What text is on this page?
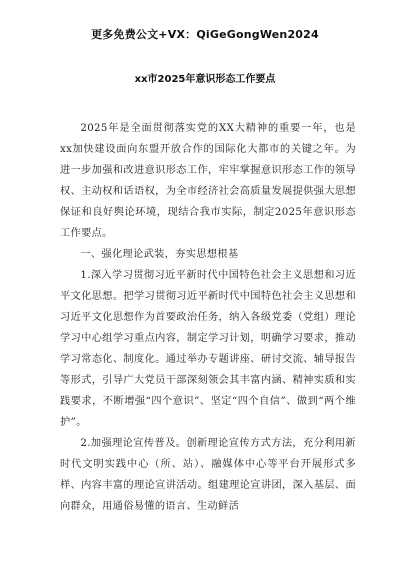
更多免费公文+VX：QiGeGongWen2024
xx市2025年意识形态工作要点

2025年是全面贯彻落实党的XX大精神的重要一年，也是xx加快建设面向东盟开放合作的国际化大都市的关键之年。为进一步加强和改进意识形态工作，牢牢掌握意识形态工作的领导权、主动权和话语权，为全市经济社会高质量发展提供强大思想保证和良好舆论环境，现结合我市实际，制定2025年意识形态工作要点。

一、强化理论武装，夯实思想根基

1.深入学习贯彻习近平新时代中国特色社会主义思想和习近平文化思想。把学习贯彻习近平新时代中国特色社会主义思想和习近平文化思想作为首要政治任务，纳入各级党委（党组）理论学习中心组学习重点内容，制定学习计划，明确学习要求，推动学习常态化、制度化。通过举办专题讲座、研讨交流、辅导报告等形式，引导广大党员干部深刻领会其丰富内涵、精神实质和实践要求，不断增强“四个意识”、坚定“四个自信”、做到“两个维护”。

2.加强理论宣传普及。创新理论宣传方式方法，充分利用新时代文明实践中心（所、站）、融媒体中心等平台开展形式多样、内容丰富的理论宣讲活动。组建理论宣讲团，深入基层、面向群众，用通俗易懂的语言、生动鲜活
